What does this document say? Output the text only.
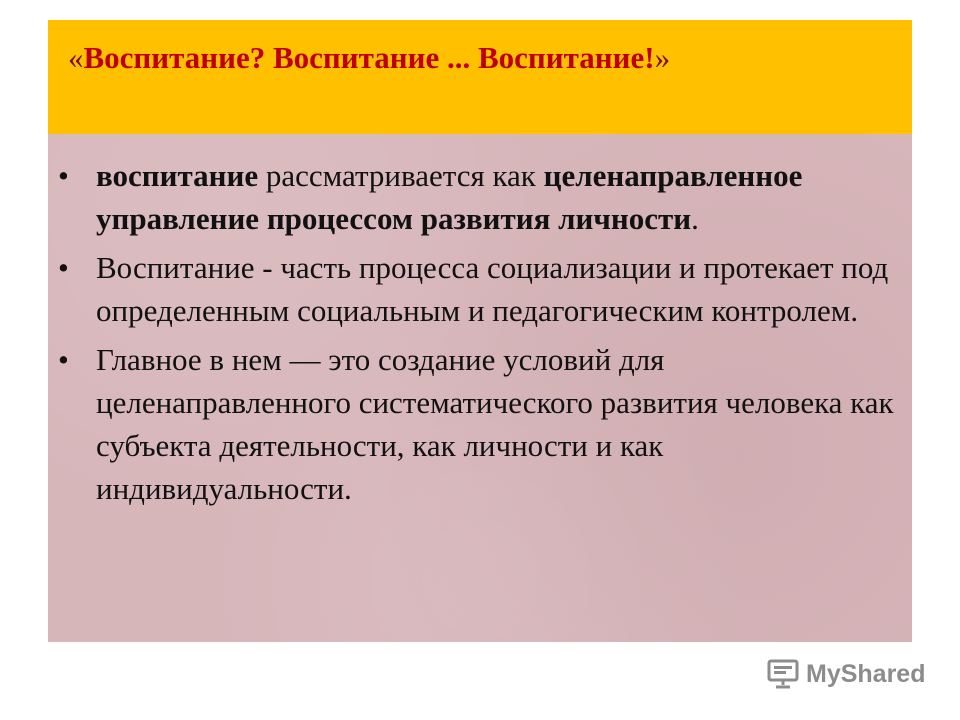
«Воспитание? Воспитание ... Воспитание!»
• воспитание рассматривается как целенаправленное управление процессом развития личности.
• Воспитание - часть процесса социализации и протекает под определенным социальным и педагогическим контролем.
• Главное в нем — это создание условий для целенаправленного систематического развития человека как субъекта деятельности, как личности и как индивидуальности.
MyShared
